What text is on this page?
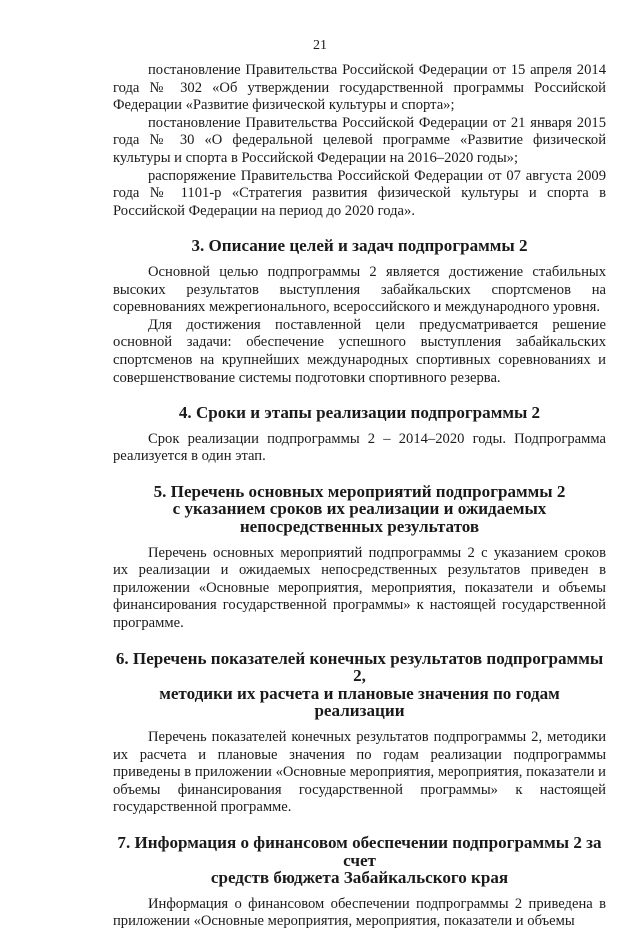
21

постановление Правительства Российской Федерации от 15 апреля 2014 года № 302 «Об утверждении государственной программы Российской Федерации «Развитие физической культуры и спорта»;

постановление Правительства Российской Федерации от 21 января 2015 года № 30 «О федеральной целевой программе «Развитие физической культуры и спорта в Российской Федерации на 2016–2020 годы»;

распоряжение Правительства Российской Федерации от 07 августа 2009 года № 1101-р «Стратегия развития физической культуры и спорта в Российской Федерации на период до 2020 года».

3. Описание целей и задач подпрограммы 2

Основной целью подпрограммы 2 является достижение стабильных высоких результатов выступления забайкальских спортсменов на соревнованиях межрегионального, всероссийского и международного уровня.

Для достижения поставленной цели предусматривается решение основной задачи: обеспечение успешного выступления забайкальских спортсменов на крупнейших международных спортивных соревнованиях и совершенствование системы подготовки спортивного резерва.

4. Сроки и этапы реализации подпрограммы 2

Срок реализации подпрограммы 2 – 2014–2020 годы. Подпрограмма реализуется в один этап.

5. Перечень основных мероприятий подпрограммы 2
с указанием сроков их реализации и ожидаемых
непосредственных результатов

Перечень основных мероприятий подпрограммы 2 с указанием сроков их реализации и ожидаемых непосредственных результатов приведен в приложении «Основные мероприятия, мероприятия, показатели и объемы финансирования государственной программы» к настоящей государственной программе.

6. Перечень показателей конечных результатов подпрограммы 2,
методики их расчета и плановые значения по годам реализации

Перечень показателей конечных результатов подпрограммы 2, методики их расчета и плановые значения по годам реализации подпрограммы приведены в приложении «Основные мероприятия, мероприятия, показатели и объемы финансирования государственной программы» к настоящей государственной программе.

7. Информация о финансовом обеспечении подпрограммы 2 за счет
средств бюджета Забайкальского края

Информация о финансовом обеспечении подпрограммы 2 приведена в приложении «Основные мероприятия, мероприятия, показатели и объемы
